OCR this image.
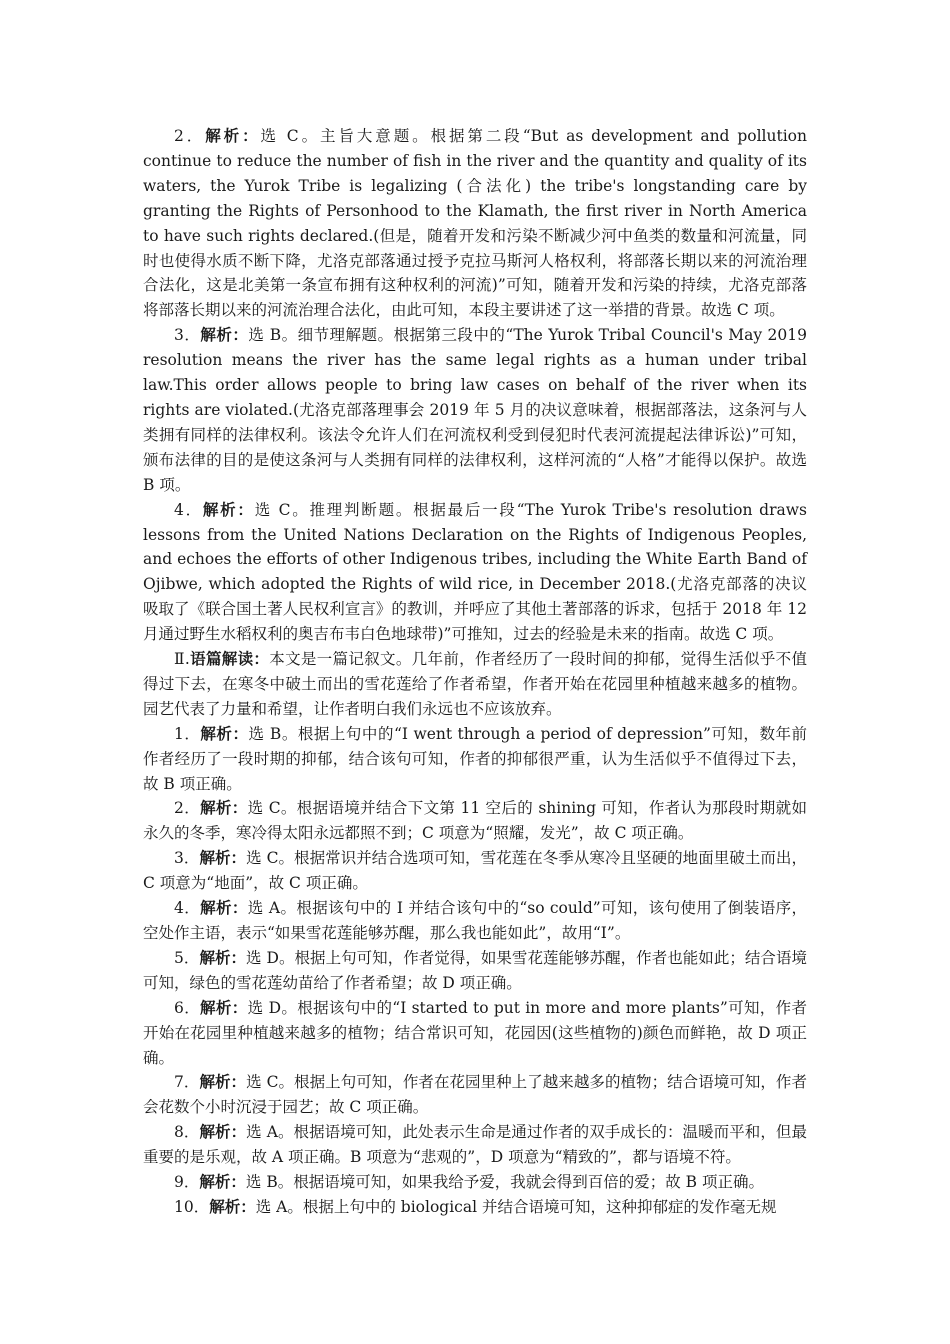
2．解析：选 C。主旨大意题。根据第二段“But as development and pollution continue to reduce the number of fish in the river and the quantity and quality of its waters, the Yurok Tribe is legalizing (合法化) the tribe's longstanding care by granting the Rights of Personhood to the Klamath, the first river in North America to have such rights declared.(但是，随着开发和污染不断减少河中鱼类的数量和河流量，同时也使得水质不断下降，尤洛克部落通过授予克拉马斯河人格权利，将部落长期以来的河流治理合法化，这是北美第一条宣布拥有这种权利的河流)”可知，随着开发和污染的持续，尤洛克部落将部落长期以来的河流治理合法化，由此可知，本段主要讲述了这一举措的背景。故选 C 项。

3．解析：选 B。细节理解题。根据第三段中的“The Yurok Tribal Council's May 2019 resolution means the river has the same legal rights as a human under tribal law.This order allows people to bring law cases on behalf of the river when its rights are violated.(尤洛克部落理事会 2019 年 5 月的决议意味着，根据部落法，这条河与人类拥有同样的法律权利。该法令允许人们在河流权利受到侵犯时代表河流提起法律诉讼)”可知，颁布法律的目的是使这条河与人类拥有同样的法律权利，这样河流的“人格”才能得以保护。故选 B 项。

4．解析：选 C。推理判断题。根据最后一段“The Yurok Tribe's resolution draws lessons from the United Nations Declaration on the Rights of Indigenous Peoples, and echoes the efforts of other Indigenous tribes, including the White Earth Band of Ojibwe, which adopted the Rights of wild rice, in December 2018.(尤洛克部落的决议吸取了《联合国土著人民权利宣言》的教训，并呼应了其他土著部落的诉求，包括于 2018 年 12 月通过野生水稻权利的奥吉布韦白色地球带)”可推知，过去的经验是未来的指南。故选 C 项。

Ⅱ.语篇解读：本文是一篇记叙文。几年前，作者经历了一段时间的抑郁，觉得生活似乎不值得过下去，在寒冬中破土而出的雪花莲给了作者希望，作者开始在花园里种植越来越多的植物。园艺代表了力量和希望，让作者明白我们永远也不应该放弃。

1．解析：选 B。根据上句中的“I went through a period of depression”可知，数年前作者经历了一段时期的抑郁，结合该句可知，作者的抑郁很严重，认为生活似乎不值得过下去，故 B 项正确。

2．解析：选 C。根据语境并结合下文第 11 空后的 shining 可知，作者认为那段时期就如永久的冬季，寒冷得太阳永远都照不到；C 项意为“照耀，发光”，故 C 项正确。

3．解析：选 C。根据常识并结合选项可知，雪花莲在冬季从寒冷且坚硬的地面里破土而出，C 项意为“地面”，故 C 项正确。

4．解析：选 A。根据该句中的 I 并结合该句中的“so could”可知，该句使用了倒装语序，空处作主语，表示“如果雪花莲能够苏醒，那么我也能如此”，故用“I”。

5．解析：选 D。根据上句可知，作者觉得，如果雪花莲能够苏醒，作者也能如此；结合语境可知，绿色的雪花莲幼苗给了作者希望；故 D 项正确。

6．解析：选 D。根据该句中的“I started to put in more and more plants”可知，作者开始在花园里种植越来越多的植物；结合常识可知，花园因(这些植物的)颜色而鲜艳，故 D 项正确。

7．解析：选 C。根据上句可知，作者在花园里种上了越来越多的植物；结合语境可知，作者会花数个小时沉浸于园艺；故 C 项正确。

8．解析：选 A。根据语境可知，此处表示生命是通过作者的双手成长的：温暖而平和，但最重要的是乐观，故 A 项正确。B 项意为“悲观的”，D 项意为“精致的”，都与语境不符。

9．解析：选 B。根据语境可知，如果我给予爱，我就会得到百倍的爱；故 B 项正确。

10．解析：选 A。根据上句中的 biological 并结合语境可知，这种抑郁症的发作毫无规
